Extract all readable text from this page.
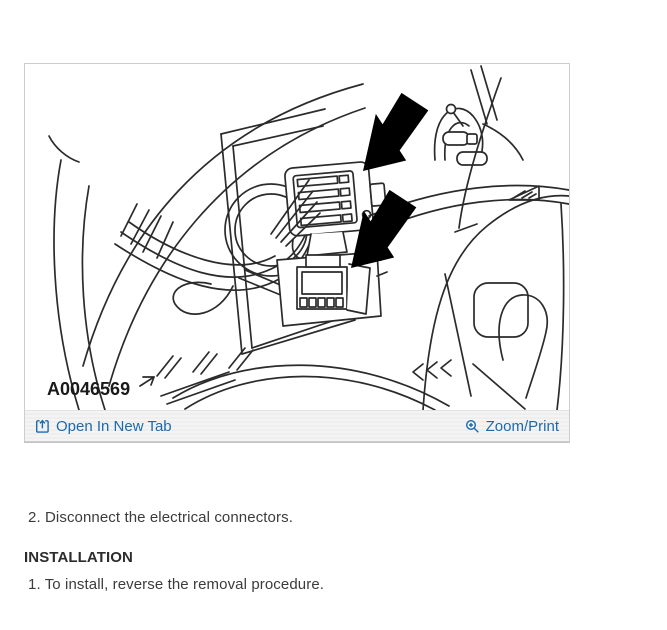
A0046569
Open In New Tab	Zoom/Print
2. Disconnect the electrical connectors.
INSTALLATION
1. To install, reverse the removal procedure.
